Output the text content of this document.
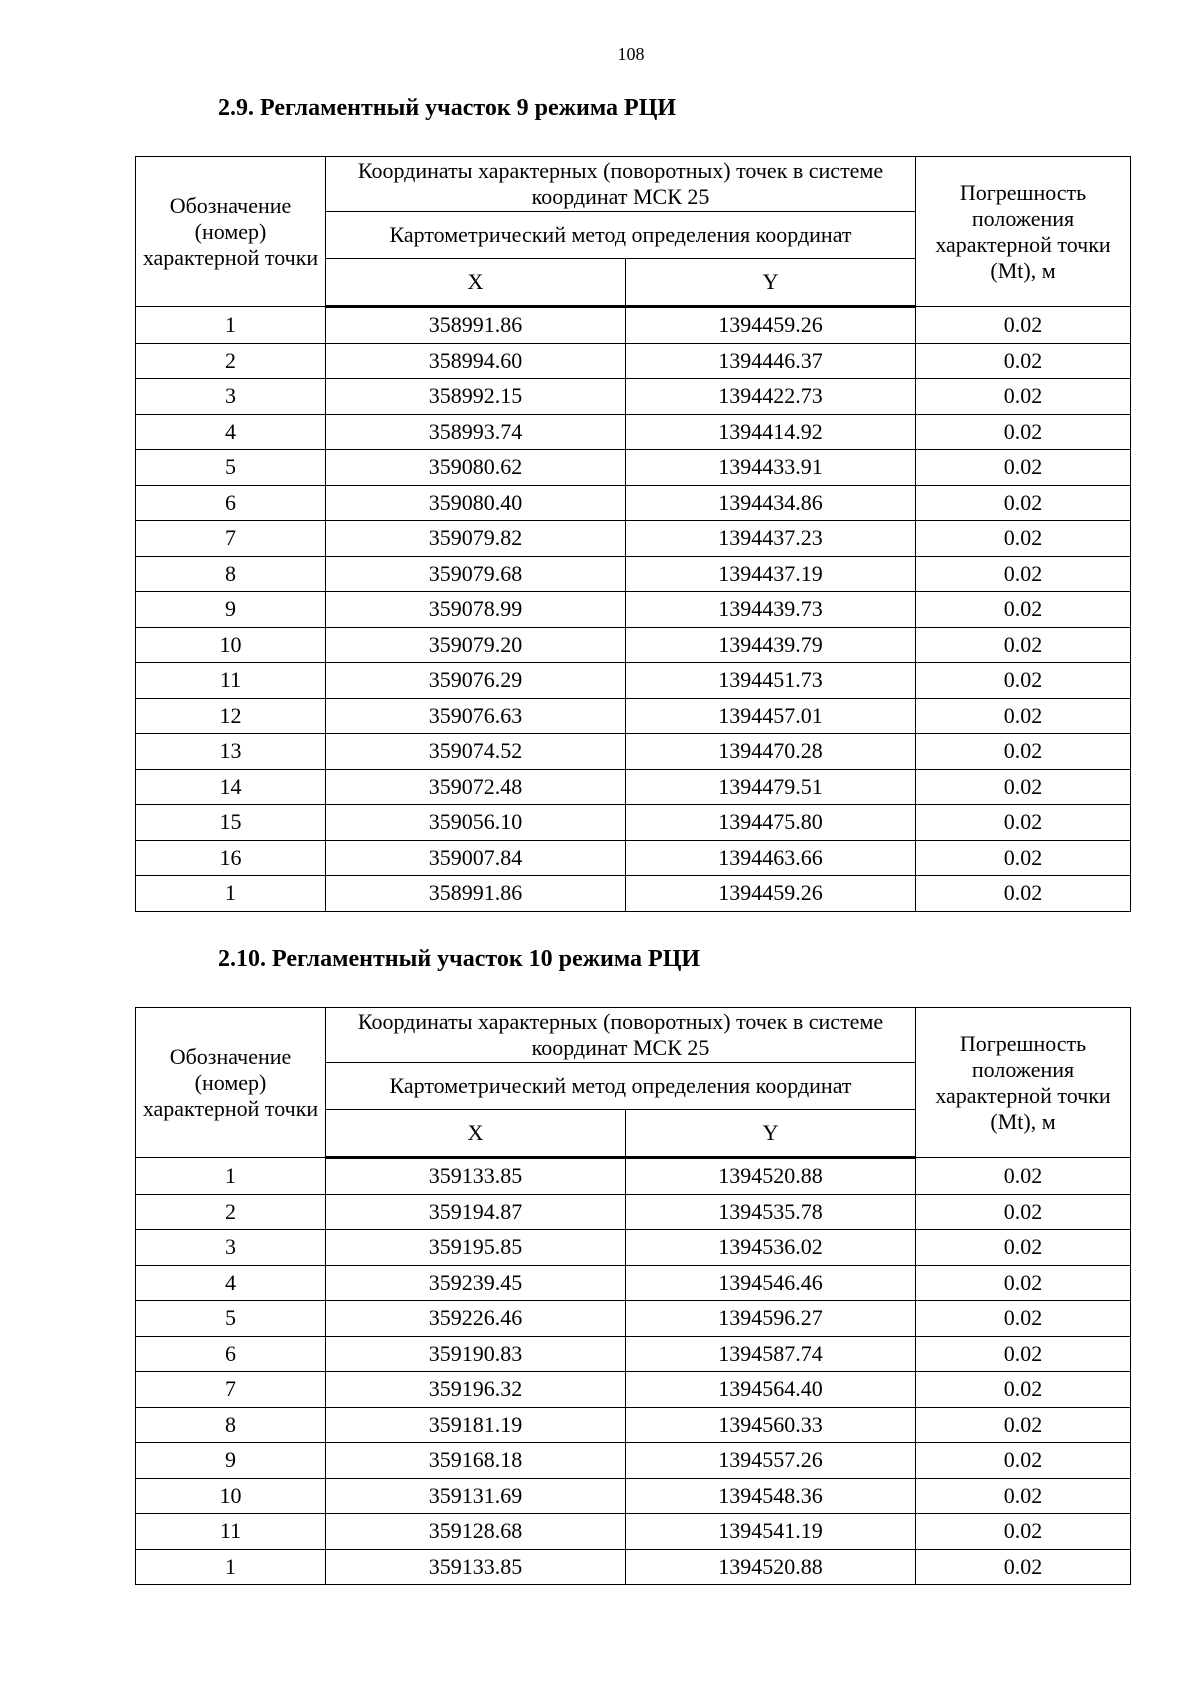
108
2.9. Регламентный участок 9 режима РЦИ
Обозначение (номер) характерной точки	Координаты характерных (поворотных) точек в системе координат МСК 25		Погрешность положения характерной точки (Mt), м
	Картометрический метод определения координат		
	X	Y	
1	358991.86	1394459.26	0.02
2	358994.60	1394446.37	0.02
3	358992.15	1394422.73	0.02
4	358993.74	1394414.92	0.02
5	359080.62	1394433.91	0.02
6	359080.40	1394434.86	0.02
7	359079.82	1394437.23	0.02
8	359079.68	1394437.19	0.02
9	359078.99	1394439.73	0.02
10	359079.20	1394439.79	0.02
11	359076.29	1394451.73	0.02
12	359076.63	1394457.01	0.02
13	359074.52	1394470.28	0.02
14	359072.48	1394479.51	0.02
15	359056.10	1394475.80	0.02
16	359007.84	1394463.66	0.02
1	358991.86	1394459.26	0.02
2.10. Регламентный участок 10 режима РЦИ
Обозначение (номер) характерной точки	Координаты характерных (поворотных) точек в системе координат МСК 25		Погрешность положения характерной точки (Mt), м
	Картометрический метод определения координат		
	X	Y	
1	359133.85	1394520.88	0.02
2	359194.87	1394535.78	0.02
3	359195.85	1394536.02	0.02
4	359239.45	1394546.46	0.02
5	359226.46	1394596.27	0.02
6	359190.83	1394587.74	0.02
7	359196.32	1394564.40	0.02
8	359181.19	1394560.33	0.02
9	359168.18	1394557.26	0.02
10	359131.69	1394548.36	0.02
11	359128.68	1394541.19	0.02
1	359133.85	1394520.88	0.02
